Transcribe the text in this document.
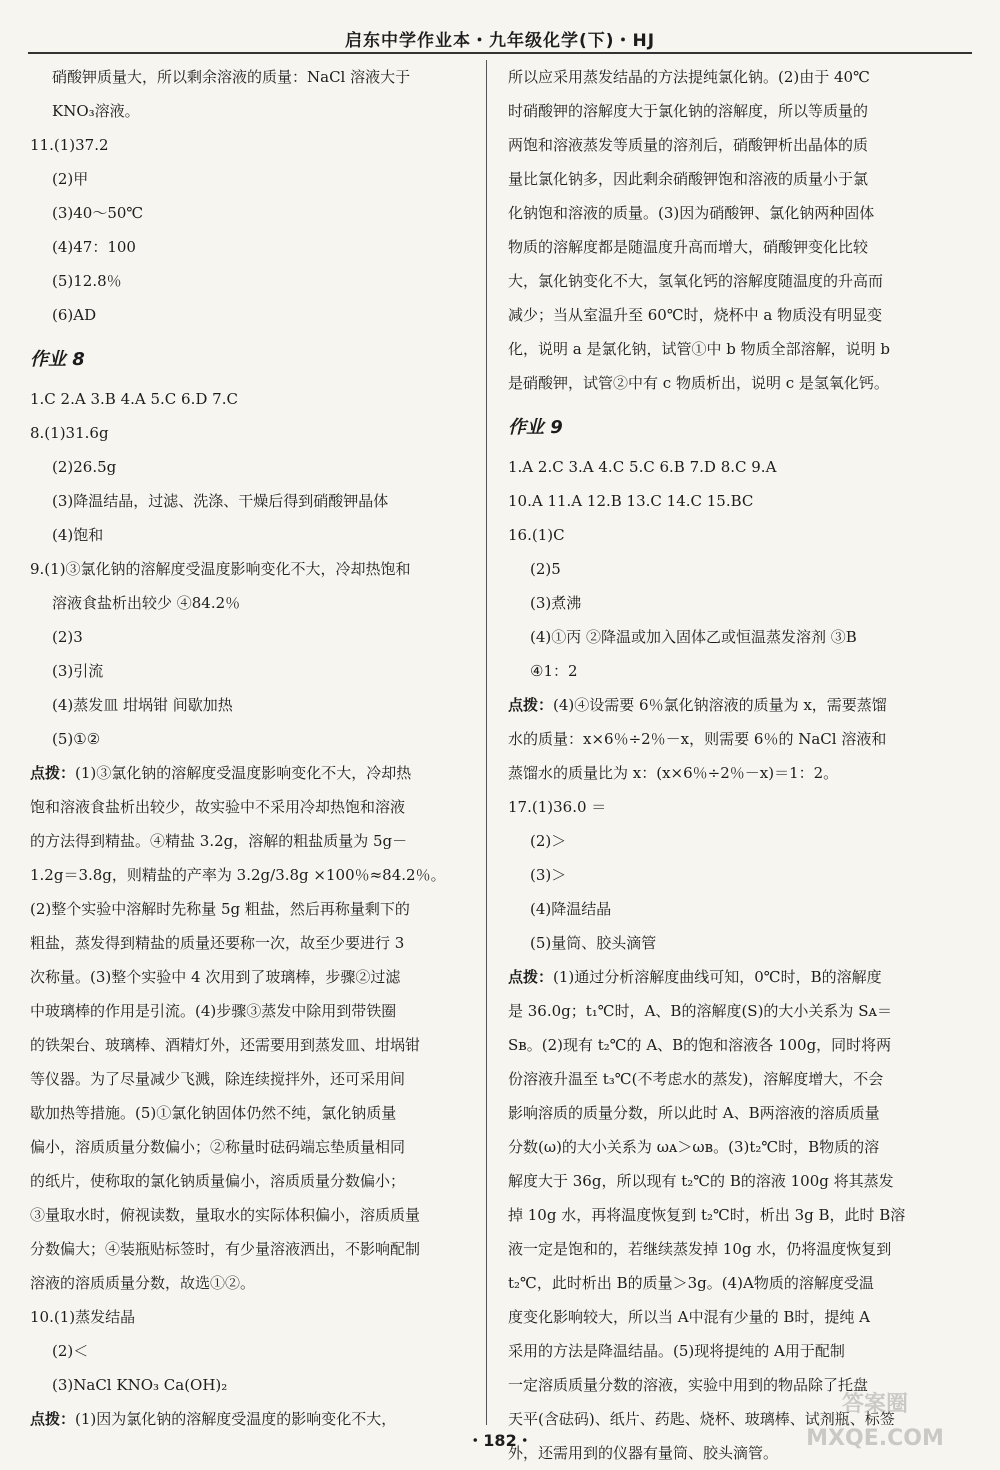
启东中学作业本・九年级化学(下)・HJ
硝酸钾质量大，所以剩余溶液的质量：NaCl 溶液大于
KNO₃溶液。
11.(1)37.2
(2)甲
(3)40～50℃
(4)47：100
(5)12.8％
(6)AD
作业 8
1.C 2.A 3.B 4.A 5.C 6.D 7.C
8.(1)31.6g
(2)26.5g
(3)降温结晶，过滤、洗涤、干燥后得到硝酸钾晶体
(4)饱和
9.(1)③氯化钠的溶解度受温度影响变化不大，冷却热饱和
溶液食盐析出较少 ④84.2％
(2)3
(3)引流
(4)蒸发皿 坩埚钳 间歇加热
(5)①②
点拨：(1)③氯化钠的溶解度受温度影响变化不大，冷却热
饱和溶液食盐析出较少，故实验中不采用冷却热饱和溶液
的方法得到精盐。④精盐 3.2g，溶解的粗盐质量为 5g－
1.2g＝3.8g，则精盐的产率为 3.2g/3.8g ×100％≈84.2％。
(2)整个实验中溶解时先称量 5g 粗盐，然后再称量剩下的
粗盐，蒸发得到精盐的质量还要称一次，故至少要进行 3
次称量。(3)整个实验中 4 次用到了玻璃棒，步骤②过滤
中玻璃棒的作用是引流。(4)步骤③蒸发中除用到带铁圈
的铁架台、玻璃棒、酒精灯外，还需要用到蒸发皿、坩埚钳
等仪器。为了尽量减少飞溅，除连续搅拌外，还可采用间
歇加热等措施。(5)①氯化钠固体仍然不纯，氯化钠质量
偏小，溶质质量分数偏小；②称量时砝码端忘垫质量相同
的纸片，使称取的氯化钠质量偏小，溶质质量分数偏小；
③量取水时，俯视读数，量取水的实际体积偏小，溶质质量
分数偏大；④装瓶贴标签时，有少量溶液洒出，不影响配制
溶液的溶质质量分数，故选①②。
10.(1)蒸发结晶
(2)＜
(3)NaCl KNO₃ Ca(OH)₂
点拨：(1)因为氯化钠的溶解度受温度的影响变化不大，
所以应采用蒸发结晶的方法提纯氯化钠。(2)由于 40℃
时硝酸钾的溶解度大于氯化钠的溶解度，所以等质量的
两饱和溶液蒸发等质量的溶剂后，硝酸钾析出晶体的质
量比氯化钠多，因此剩余硝酸钾饱和溶液的质量小于氯
化钠饱和溶液的质量。(3)因为硝酸钾、氯化钠两种固体
物质的溶解度都是随温度升高而增大，硝酸钾变化比较
大，氯化钠变化不大，氢氧化钙的溶解度随温度的升高而
减少；当从室温升至 60℃时，烧杯中 a 物质没有明显变
化，说明 a 是氯化钠，试管①中 b 物质全部溶解，说明 b
是硝酸钾，试管②中有 c 物质析出，说明 c 是氢氧化钙。
作业 9
1.A 2.C 3.A 4.C 5.C 6.B 7.D 8.C 9.A
10.A 11.A 12.B 13.C 14.C 15.BC
16.(1)C
(2)5
(3)煮沸
(4)①丙 ②降温或加入固体乙或恒温蒸发溶剂 ③B
④1：2
点拨：(4)④设需要 6％氯化钠溶液的质量为 x，需要蒸馏
水的质量：x×6％÷2％－x，则需要 6％的 NaCl 溶液和
蒸馏水的质量比为 x：(x×6％÷2％－x)＝1：2。
17.(1)36.0 ＝
(2)＞
(3)＞
(4)降温结晶
(5)量筒、胶头滴管
点拨：(1)通过分析溶解度曲线可知，0℃时，B的溶解度
是 36.0g；t₁℃时，A、B的溶解度(S)的大小关系为 Sᴀ＝
Sʙ。(2)现有 t₂℃的 A、B的饱和溶液各 100g，同时将两
份溶液升温至 t₃℃(不考虑水的蒸发)，溶解度增大，不会
影响溶质的质量分数，所以此时 A、B两溶液的溶质质量
分数(ω)的大小关系为 ωᴀ＞ωʙ。(3)t₂℃时，B物质的溶
解度大于 36g，所以现有 t₂℃的 B的溶液 100g 将其蒸发
掉 10g 水，再将温度恢复到 t₂℃时，析出 3g B，此时 B溶
液一定是饱和的，若继续蒸发掉 10g 水，仍将温度恢复到
t₂℃，此时析出 B的质量＞3g。(4)A物质的溶解度受温
度变化影响较大，所以当 A中混有少量的 B时，提纯 A
采用的方法是降温结晶。(5)现将提纯的 A用于配制
一定溶质质量分数的溶液，实验中用到的物品除了托盘
天平(含砝码)、纸片、药匙、烧杯、玻璃棒、试剂瓶、标签
外，还需用到的仪器有量筒、胶头滴管。
・182・
答案圈
MXQE.COM
